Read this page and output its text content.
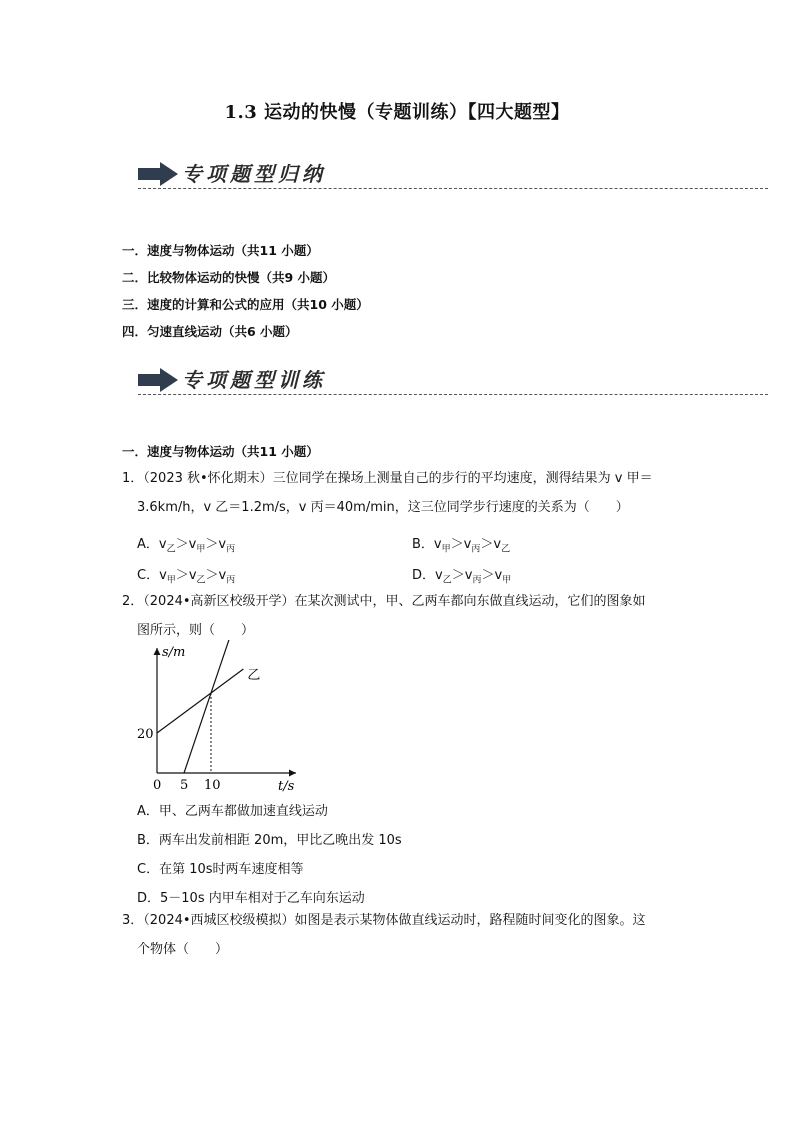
1.3 运动的快慢（专题训练）【四大题型】
专项题型归纳
一．速度与物体运动（共11 小题）
二．比较物体运动的快慢（共9 小题）
三．速度的计算和公式的应用（共10 小题）
四．匀速直线运动（共6 小题）
专项题型训练
一．速度与物体运动（共11 小题）
1．（2023 秋•怀化期末）三位同学在操场上测量自己的步行的平均速度，测得结果为 v 甲＝
3.6km/h，v 乙＝1.2m/s，v 丙＝40m/min，这三位同学步行速度的关系为（　　）
A．$v_乙>v_甲>v_丙$	B．$v_甲>v_丙>v_乙$
C．$v_甲>v_乙>v_丙$	D．$v_乙>v_丙>v_甲$
2．（2024•高新区校级开学）在某次测试中，甲、乙两车都向东做直线运动，它们的图象如
图所示，则（　　）
s/m
t/s
乙
0 5 10
20
A．甲、乙两车都做加速直线运动
B．两车出发前相距 20m，甲比乙晚出发 10s
C．在第 10s时两车速度相等
D．5－10s 内甲车相对于乙车向东运动
3．（2024•西城区校级模拟）如图是表示某物体做直线运动时，路程随时间变化的图象。这
个物体（　　）
